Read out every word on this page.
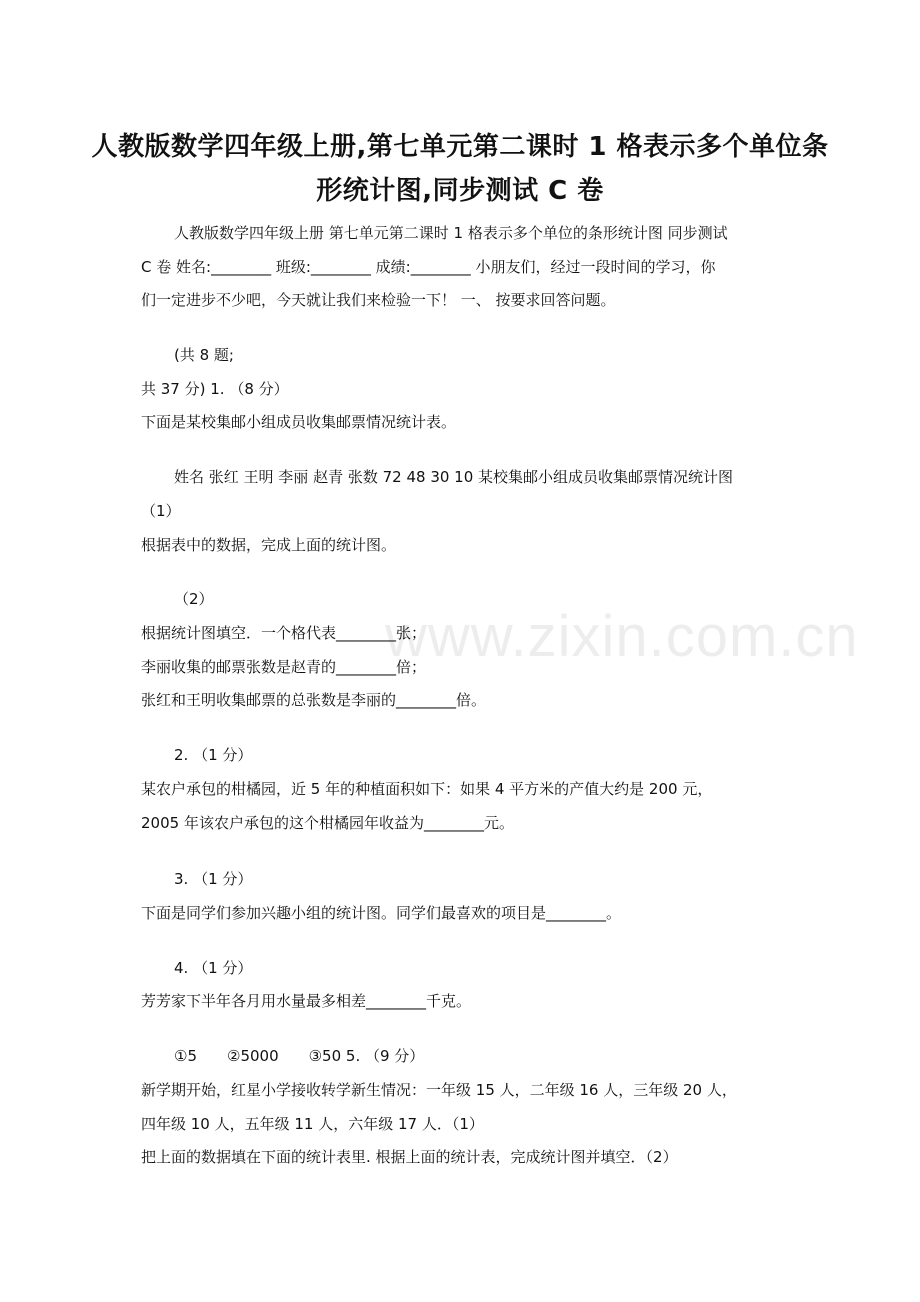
人教版数学四年级上册,第七单元第二课时 1 格表示多个单位条
形统计图,同步测试 C 卷
人教版数学四年级上册 第七单元第二课时 1 格表示多个单位的条形统计图 同步测试
C 卷 姓名:________ 班级:________ 成绩:________ 小朋友们，经过一段时间的学习，你
们一定进步不少吧，今天就让我们来检验一下！ 一、 按要求回答问题。
(共 8 题;
共 37 分) 1. （8 分）
下面是某校集邮小组成员收集邮票情况统计表。
姓名 张红 王明 李丽 赵青 张数 72 48 30 10 某校集邮小组成员收集邮票情况统计图
（1）
根据表中的数据，完成上面的统计图。
（2）
根据统计图填空．一个格代表________张；
李丽收集的邮票张数是赵青的________倍；
张红和王明收集邮票的总张数是李丽的________倍。
2. （1 分）
某农户承包的柑橘园，近 5 年的种植面积如下：如果 4 平方米的产值大约是 200 元，
2005 年该农户承包的这个柑橘园年收益为________元。
3. （1 分）
下面是同学们参加兴趣小组的统计图。同学们最喜欢的项目是________。
4. （1 分）
芳芳家下半年各月用水量最多相差________千克。
①5　　②5000　　③50 5. （9 分）
新学期开始，红星小学接收转学新生情况：一年级 15 人，二年级 16 人，三年级 20 人，
四年级 10 人，五年级 11 人，六年级 17 人．（1）
把上面的数据填在下面的统计表里. 根据上面的统计表，完成统计图并填空．（2）
www.zixin.com.cn
